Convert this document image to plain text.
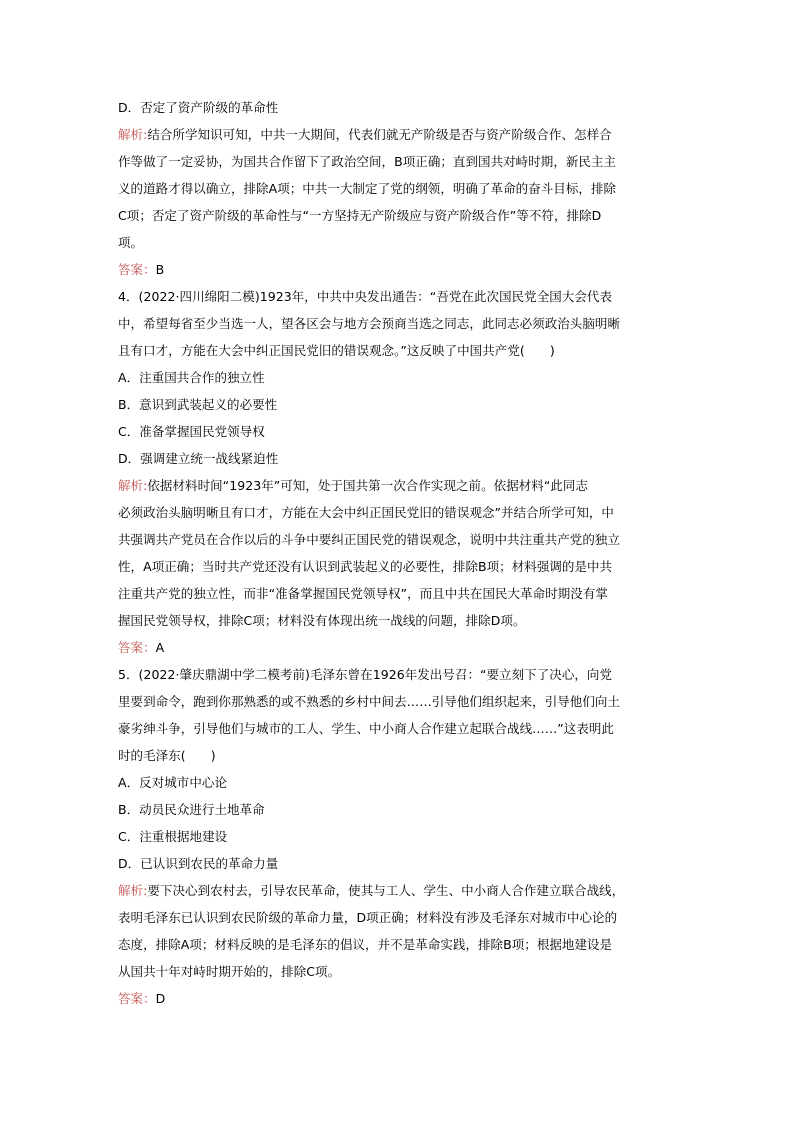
D．否定了资产阶级的革命性
解析:结合所学知识可知，中共一大期间，代表们就无产阶级是否与资产阶级合作、怎样合
作等做了一定妥协，为国共合作留下了政治空间，B项正确；直到国共对峙时期，新民主主
义的道路才得以确立，排除A项；中共一大制定了党的纲领，明确了革命的奋斗目标，排除
C项；否定了资产阶级的革命性与“一方坚持无产阶级应与资产阶级合作”等不符，排除D
项。
答案：B
4．(2022·四川绵阳二模)1923年，中共中央发出通告：“吾党在此次国民党全国大会代表
中，希望每省至少当选一人，望各区会与地方会预商当选之同志，此同志必须政治头脑明晰
且有口才，方能在大会中纠正国民党旧的错误观念。”这反映了中国共产党(　　)
A．注重国共合作的独立性
B．意识到武装起义的必要性
C．准备掌握国民党领导权
D．强调建立统一战线紧迫性
解析:依据材料时间“1923年”可知，处于国共第一次合作实现之前。依据材料“此同志
必须政治头脑明晰且有口才，方能在大会中纠正国民党旧的错误观念”并结合所学可知，中
共强调共产党员在合作以后的斗争中要纠正国民党的错误观念，说明中共注重共产党的独立
性，A项正确；当时共产党还没有认识到武装起义的必要性，排除B项；材料强调的是中共
注重共产党的独立性，而非“准备掌握国民党领导权”，而且中共在国民大革命时期没有掌
握国民党领导权，排除C项；材料没有体现出统一战线的问题，排除D项。
答案：A
5．(2022·肇庆鼎湖中学二模考前)毛泽东曾在1926年发出号召：“要立刻下了决心，向党
里要到命令，跑到你那熟悉的或不熟悉的乡村中间去……引导他们组织起来，引导他们向土
豪劣绅斗争，引导他们与城市的工人、学生、中小商人合作建立起联合战线……”这表明此
时的毛泽东(　　)
A．反对城市中心论
B．动员民众进行土地革命
C．注重根据地建设
D．已认识到农民的革命力量
解析:要下决心到农村去，引导农民革命，使其与工人、学生、中小商人合作建立联合战线，
表明毛泽东已认识到农民阶级的革命力量，D项正确；材料没有涉及毛泽东对城市中心论的
态度，排除A项；材料反映的是毛泽东的倡议，并不是革命实践，排除B项；根据地建设是
从国共十年对峙时期开始的，排除C项。
答案：D
